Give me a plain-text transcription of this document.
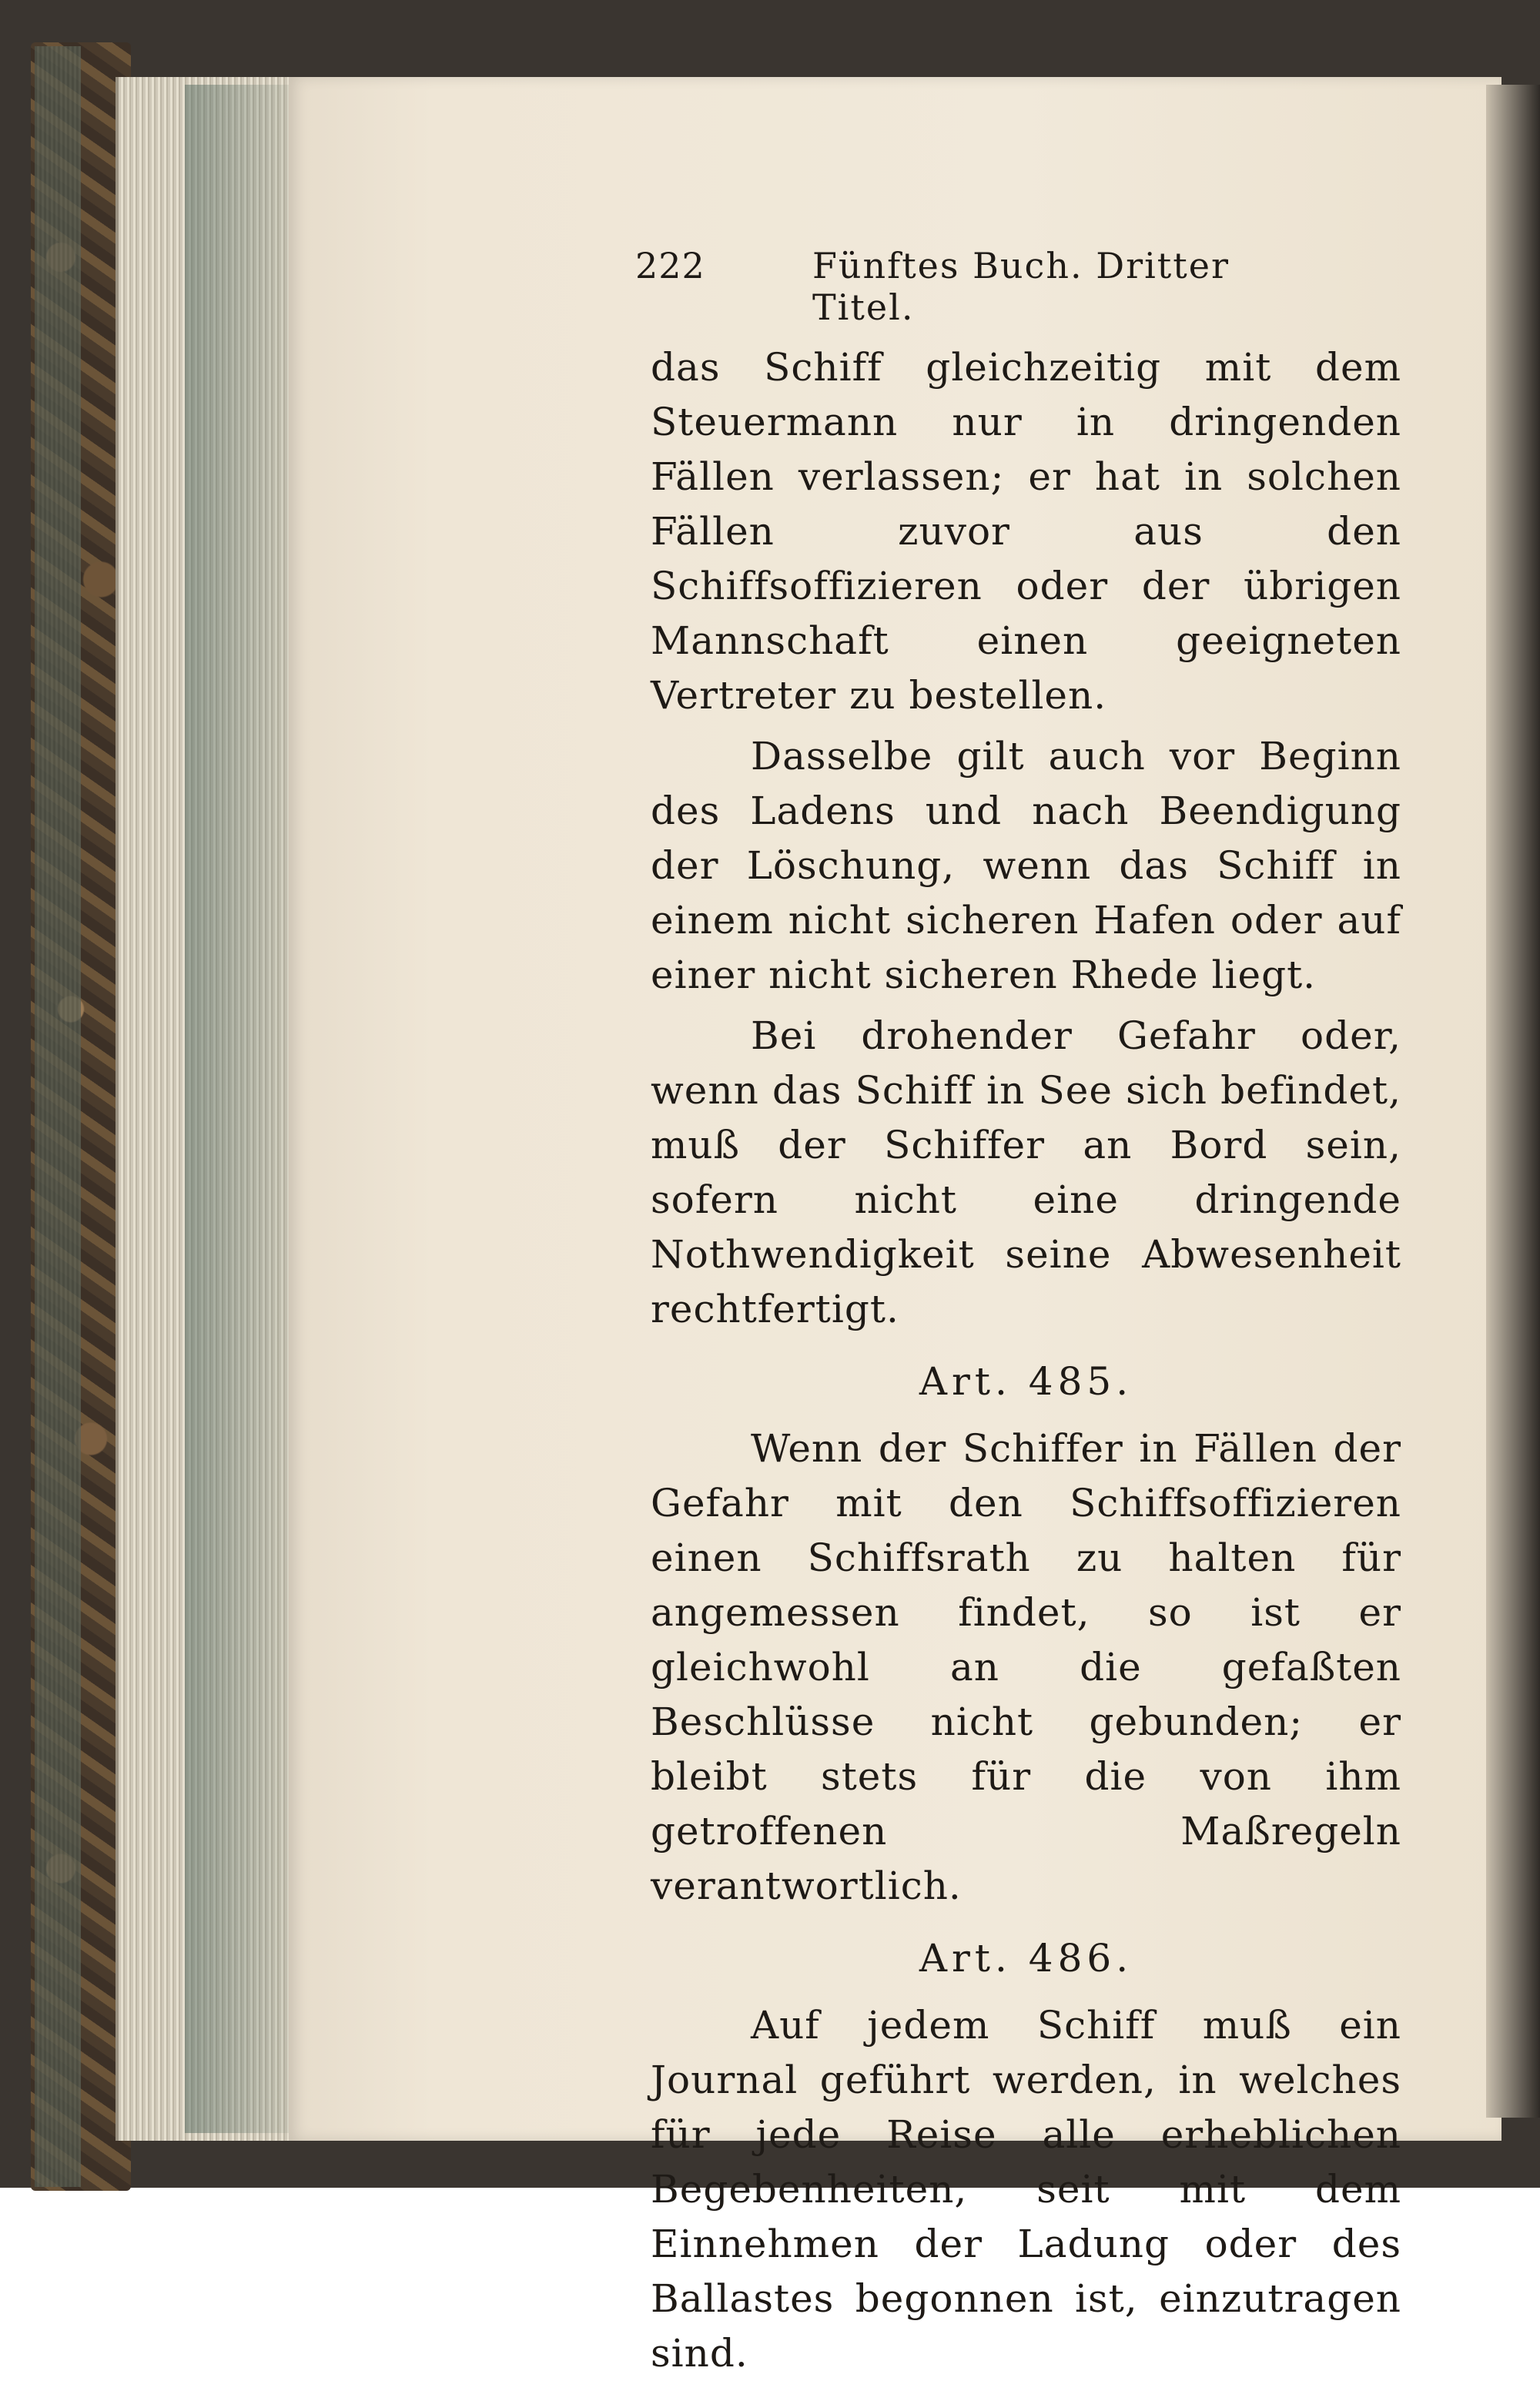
222	Fünftes Buch. Dritter Titel.

das Schiff gleichzeitig mit dem Steuermann nur in dringenden Fällen verlassen; er hat in solchen Fällen zuvor aus den Schiffsoffizieren oder der übrigen Mannschaft einen geeigneten Vertreter zu bestellen.

Dasselbe gilt auch vor Beginn des Ladens und nach Beendigung der Löschung, wenn das Schiff in einem nicht sicheren Hafen oder auf einer nicht sicheren Rhede liegt.

Bei drohender Gefahr oder, wenn das Schiff in See sich befindet, muß der Schiffer an Bord sein, sofern nicht eine dringende Nothwendigkeit seine Abwesenheit rechtfertigt.

Art. 485.

Wenn der Schiffer in Fällen der Gefahr mit den Schiffsoffizieren einen Schiffsrath zu halten für angemessen findet, so ist er gleichwohl an die gefaßten Beschlüsse nicht gebunden; er bleibt stets für die von ihm getroffenen Maßregeln verantwortlich.

Art. 486.

Auf jedem Schiff muß ein Journal geführt werden, in welches für jede Reise alle erheblichen Begebenheiten, seit mit dem Einnehmen der Ladung oder des Ballastes begonnen ist, einzutragen sind.
